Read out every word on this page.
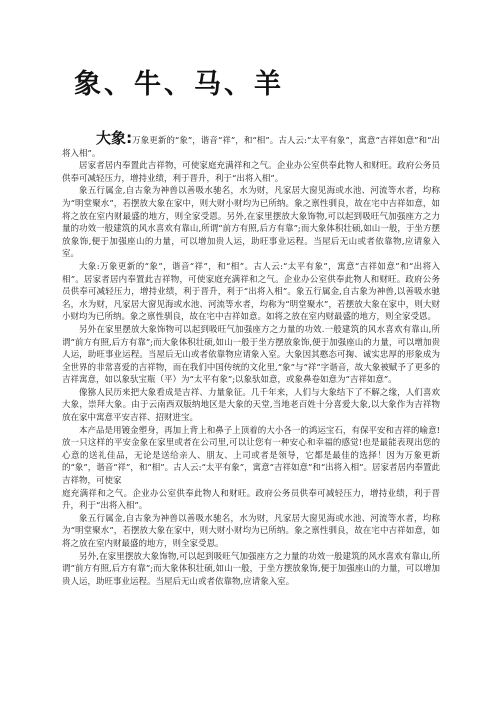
象、牛、马、羊

大象:万象更新的“象”，谐音“祥”，和“相”。古人云:“太平有象”，寓意“吉祥如意”和“出将入相”。

居家者居内奉置此吉祥物，可使家庭充满祥和之气。企业办公室供奉此物人和财旺。政府公务员供奉可减轻压力，增持业绩，利于晋升，利于“出将入相”。

象五行属金,自古象为神兽以善吸水驰名，水为财，凡家居大窗见海或水池、河流等水者，均称为“明堂聚水”，若摆放大象在家中，则大财小财均为已所纳。象之禀性驯良，故在宅中吉祥如意，如将之放在室内财最盛的地方，则全家受恩。另外,在家里摆放大象饰物,可以起到吸旺气加强座方之力量的功效一般建筑的风水喜欢有靠山,所谓“前方有照,后方有靠”;而大象体积壮硕,如山一般，于坐方摆放象饰,便于加强座山的力量，可以增加贵人运，助旺事业运程。当屋后无山或者依靠物,应请象入室。

大象:万象更新的“象”，谐音“祥”，和“相”。古人云:“太平有象”，寓意“吉祥如意”和“出将入相”。居家者居内奉置此吉祥物，可使家庭充满祥和之气。企业办公室供奉此物人和财旺。政府公务员供奉可减轻压力，增持业绩，利于晋升，利于“出将入相”。象五行属金,自古象为神兽,以善吸水驰名，水为财，凡家居大窗见海或水池、河流等水者，均称为“明堂聚水”，若摆放大象在家中，则大财小财均为已所纳。象之禀性驯良，故在宅中吉祥如意。如将之放在室内财最盛的地方，则全家受恩。

另外在家里摆放大象饰物可以起到吸旺气加强座方之力量的功效.一般建筑的风水喜欢有靠山,所谓“前方有照,后方有靠”;而大象体积壮硕,如山一般于坐方摆放象饰,便于加强座山的力量，可以增加贵人运，助旺事业运程。当屋后无山或者依靠物应请象入室。大象因其憨态可掬、诚实忠厚的形象成为全世界的非常喜爱的吉祥物，而在我们中国传统的文化里,“象”与“祥”字谐音，故大象被赋予了更多的吉祥寓意，如以象驮宝瓶（平）为“太平有象”;以象驮如意，或象鼻卷如意为“吉祥如意”。

像猕人民历来把大象看成是吉祥、力量象征。几千年来，人们与大象结下了不解之缘，人们喜欢大象，崇拜大象。由于云南西双版纳地区是大象的天堂,当地老百姓十分喜爱大象,以大象作为吉祥物放在家中寓意平安吉祥、招财进宝。

本产品是用镀金塑身，再加上背上和鼻子上顶着的大小各一的鸿运宝石，有保平安和吉祥的喻意!放一只这样的平安金象在家里或者在公司里,可以让您有一种安心和幸福的感觉!也是最能表现出您的心意的送礼佳品，无论是送给亲人、朋友、上司或者是领导，它都是最佳的选择！因为万象更新的“象”，谐音“祥”，和“相”。古人云:“太平有象”，寓意“吉祥如意”和“出将入相”。居家者居内奉置此吉祥物，可使家

庭充满祥和之气。企业办公室供奉此物人和财旺。政府公务员供奉可减轻压力，增持业绩，利于晋升，利于“出将入相”。

象五行属金,自古象为神兽以善吸水驰名，水为财，凡家居大窗见海或水池、河流等水者，均称为“明堂聚水”，若摆放大象在家中，则大财小财均为已所纳。象之禀性驯良，故在宅中吉祥如意，如将之放在室内财最盛的地方，则全家受恩。

另外,在家里摆放大象饰物,可以起到吸旺气加强座方之力量的功效一般建筑的风水喜欢有靠山,所谓“前方有照,后方有靠”;而大象体积壮硕,如山一般，于坐方摆放象饰,便于加强座山的力量，可以增加贵人运，助旺事业运程。当屋后无山或者依靠物,应请象入室。
